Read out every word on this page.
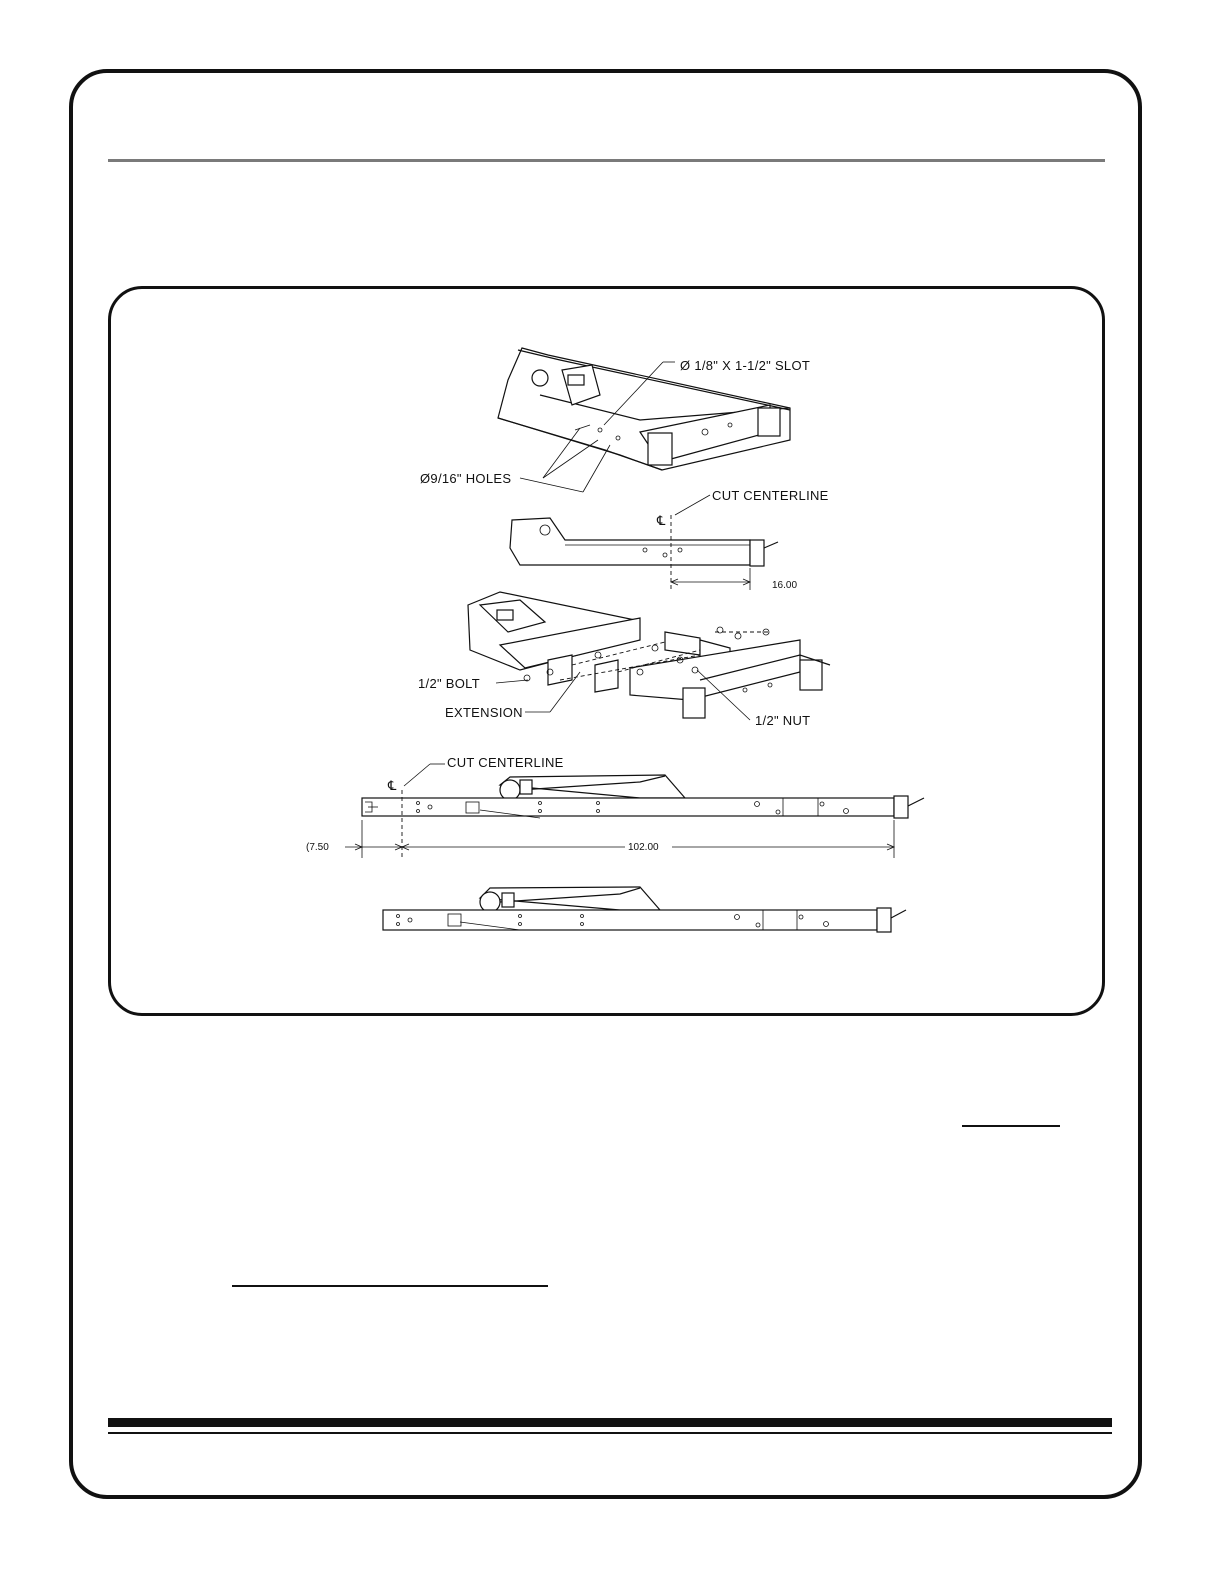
Ø 1/8" X 1-1/2" SLOT
Ø9/16" HOLES
℄
CUT CENTERLINE
16.00
1/2" BOLT
EXTENSION
1/2" NUT
℄
CUT CENTERLINE
(7.50	102.00
